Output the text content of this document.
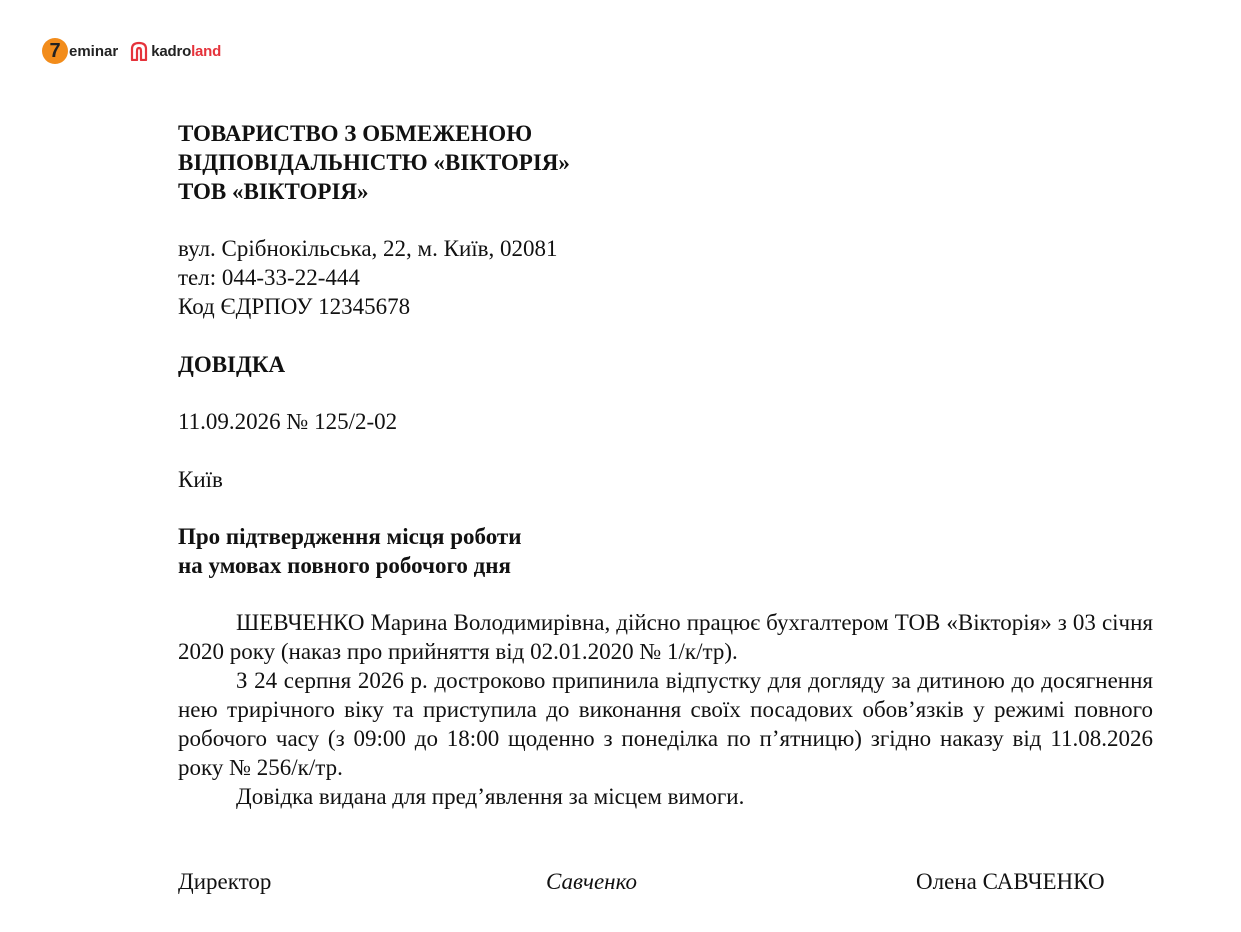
7 eminar kadroland
ТОВАРИСТВО З ОБМЕЖЕНОЮ
ВІДПОВІДАЛЬНІСТЮ «ВІКТОРІЯ»
ТОВ «ВІКТОРІЯ»
вул. Срібнокільська, 22, м. Київ, 02081
тел: 044-33-22-444
Код ЄДРПОУ 12345678
ДОВІДКА
11.09.2026 № 125/2-02
Київ
Про підтвердження місця роботи
на умовах повного робочого дня

ШЕВЧЕНКО Марина Володимирівна, дійсно працює бухгалтером ТОВ «Вікторія» з 03 січня 2020 року (наказ про прийняття від 02.01.2020 № 1/к/тр).

З 24 серпня 2026 р. достроково припинила відпустку для догляду за дитиною до досягнення нею трирічного віку та приступила до виконання своїх посадових обов’язків у режимі повного робочого часу (з 09:00 до 18:00 щоденно з понеділка по п’ятницю) згідно наказу від 11.08.2026 року № 256/к/тр.

Довідка видана для пред’явлення за місцем вимоги.

Директор	Савченко	Олена САВЧЕНКО
